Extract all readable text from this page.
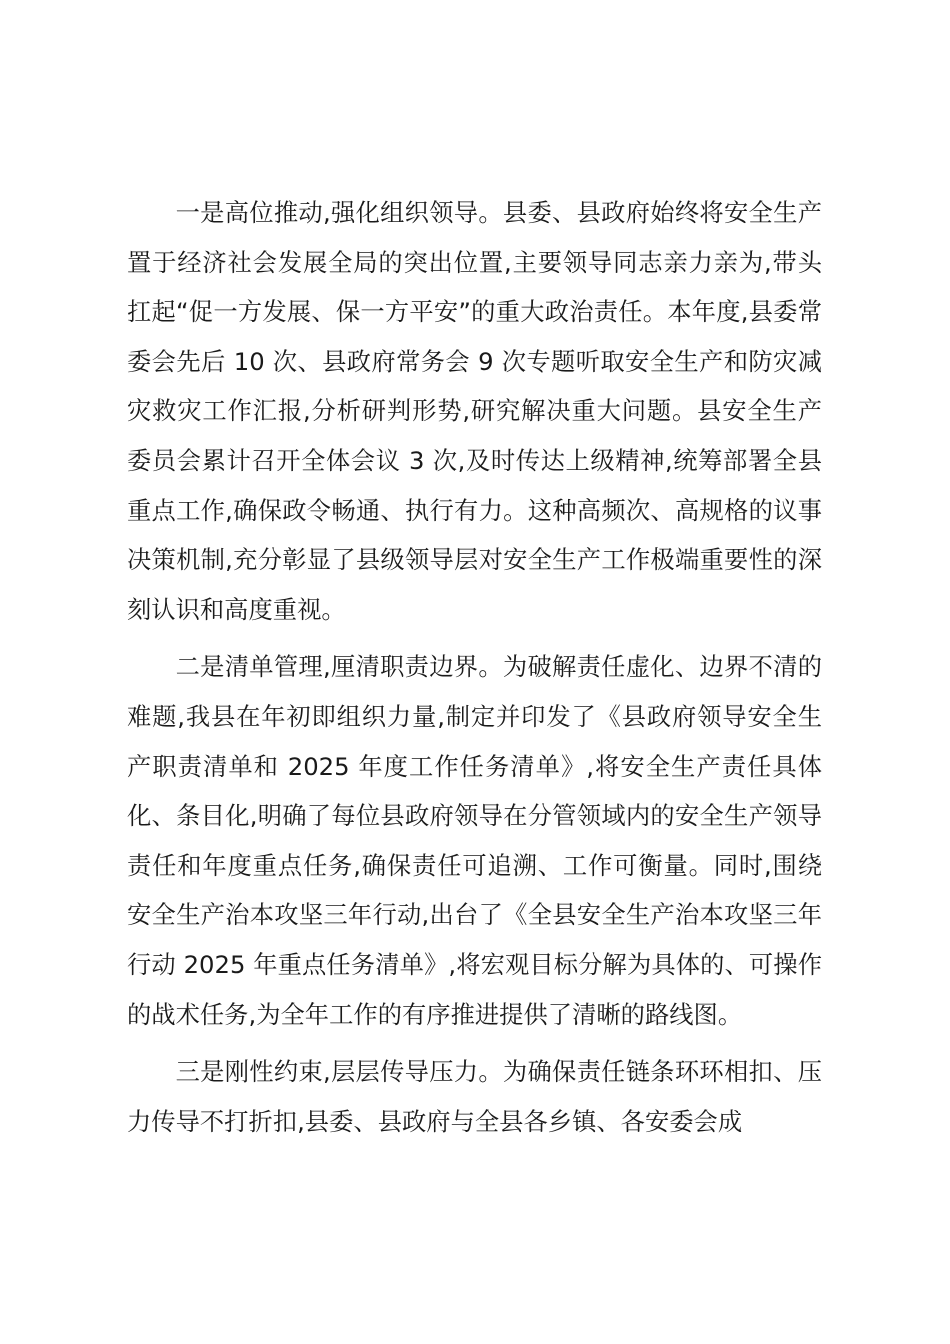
一是高位推动,强化组织领导。县委、县政府始终将安全生产置于经济社会发展全局的突出位置,主要领导同志亲力亲为,带头扛起“促一方发展、保一方平安”的重大政治责任。本年度,县委常委会先后 10 次、县政府常务会 9 次专题听取安全生产和防灾减灾救灾工作汇报,分析研判形势,研究解决重大问题。县安全生产委员会累计召开全体会议 3 次,及时传达上级精神,统筹部署全县重点工作,确保政令畅通、执行有力。这种高频次、高规格的议事决策机制,充分彰显了县级领导层对安全生产工作极端重要性的深刻认识和高度重视。

二是清单管理,厘清职责边界。为破解责任虚化、边界不清的难题,我县在年初即组织力量,制定并印发了《县政府领导安全生产职责清单和 2025 年度工作任务清单》,将安全生产责任具体化、条目化,明确了每位县政府领导在分管领域内的安全生产领导责任和年度重点任务,确保责任可追溯、工作可衡量。同时,围绕安全生产治本攻坚三年行动,出台了《全县安全生产治本攻坚三年行动 2025 年重点任务清单》,将宏观目标分解为具体的、可操作的战术任务,为全年工作的有序推进提供了清晰的路线图。

三是刚性约束,层层传导压力。为确保责任链条环环相扣、压力传导不打折扣,县委、县政府与全县各乡镇、各安委会成
